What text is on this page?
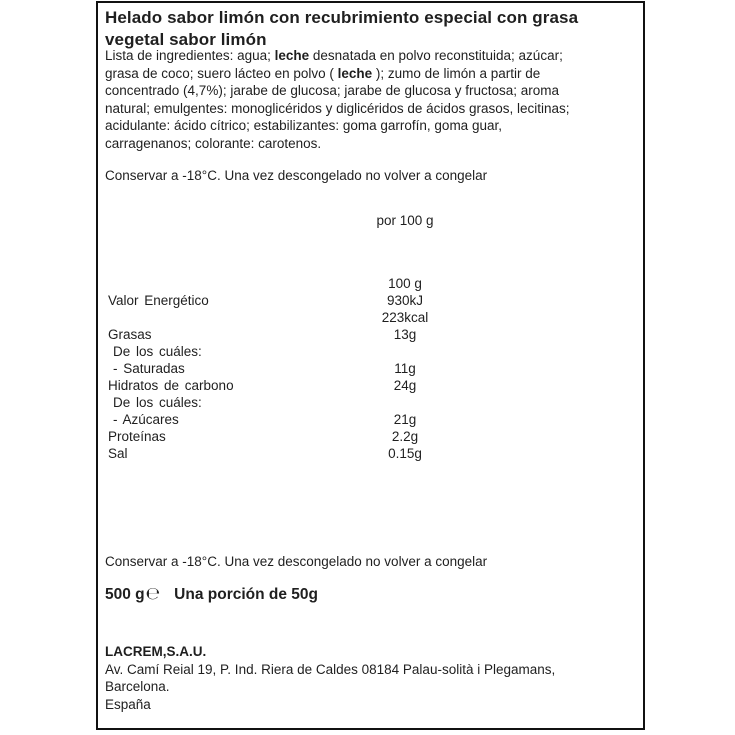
Helado sabor limón con recubrimiento especial con grasa vegetal sabor limón
Lista de ingredientes: agua; leche desnatada en polvo reconstituida; azúcar;
grasa de coco; suero lácteo en polvo ( leche ); zumo de limón a partir de
concentrado (4,7%); jarabe de glucosa; jarabe de glucosa y fructosa; aroma
natural; emulgentes: monoglicéridos y diglicéridos de ácidos grasos, lecitinas;
acidulante: ácido cítrico; estabilizantes: goma garrofín, goma guar,
carragenanos; colorante: carotenos.
Conservar a -18°C. Una vez descongelado no volver a congelar
por 100 g
100 g
Valor Energético	930kJ
223kcal
Grasas	13g
De los cuáles:
- Saturadas	11g
Hidratos de carbono	24g
De los cuáles:
- Azúcares	21g
Proteínas	2.2g
Sal	0.15g
Conservar a -18°C. Una vez descongelado no volver a congelar
500 g℮ Una porción de 50g
LACREM,S.A.U.
Av. Camí Reial 19, P. Ind. Riera de Caldes 08184 Palau-solità i Plegamans,
Barcelona.
España
